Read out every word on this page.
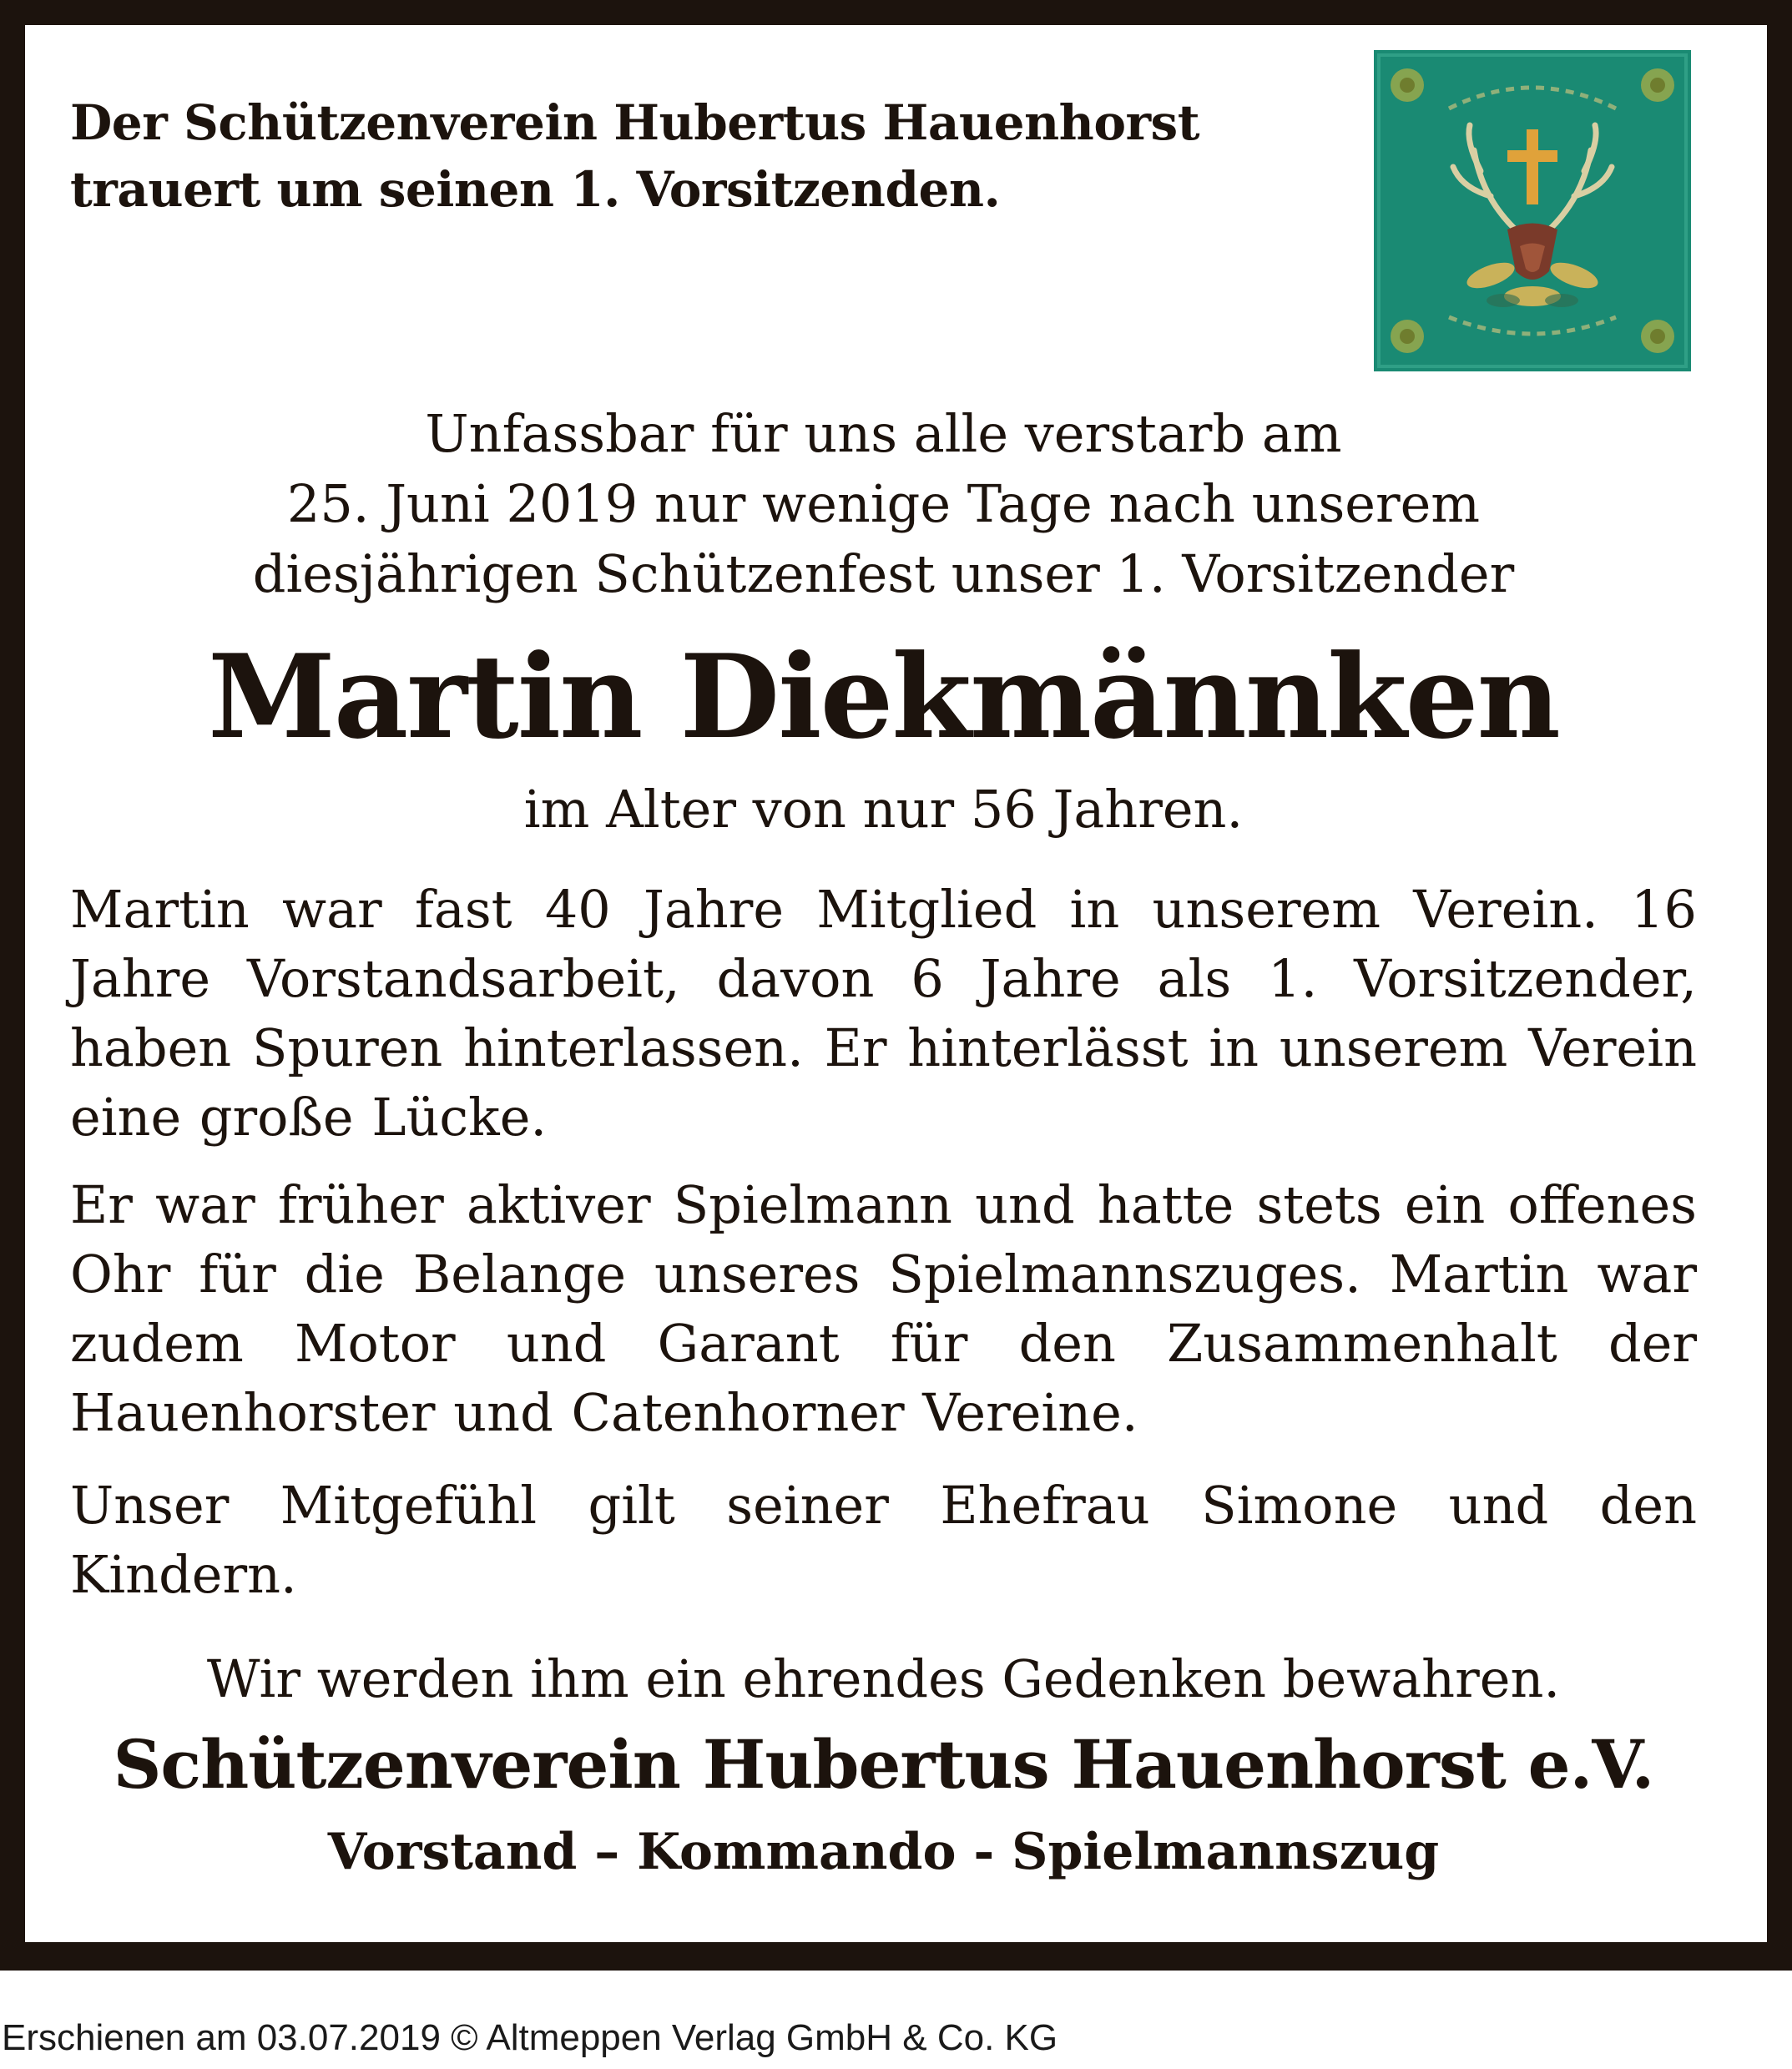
Der Schützenverein Hubertus Hauenhorst
trauert um seinen 1. Vorsitzenden.
Unfassbar für uns alle verstarb am
25. Juni 2019 nur wenige Tage nach unserem
diesjährigen Schützenfest unser 1. Vorsitzender
Martin Diekmännken
im Alter von nur 56 Jahren.
Martin war fast 40 Jahre Mitglied in unserem Verein. 16 Jahre Vorstandsarbeit, davon 6 Jahre als 1. Vorsitzender, haben Spuren hinterlassen. Er hinterlässt in unserem Verein eine große Lücke.
Er war früher aktiver Spielmann und hatte stets ein offenes Ohr für die Belange unseres Spielmannszuges. Martin war zudem Motor und Garant für den Zusammenhalt der Hauenhorster und Catenhorner Vereine.
Unser Mitgefühl gilt seiner Ehefrau Simone und den Kindern.
Wir werden ihm ein ehrendes Gedenken bewahren.
Schützenverein Hubertus Hauenhorst e.V.
Vorstand – Kommando - Spielmannszug
Erschienen am 03.07.2019 © Altmeppen Verlag GmbH & Co. KG
